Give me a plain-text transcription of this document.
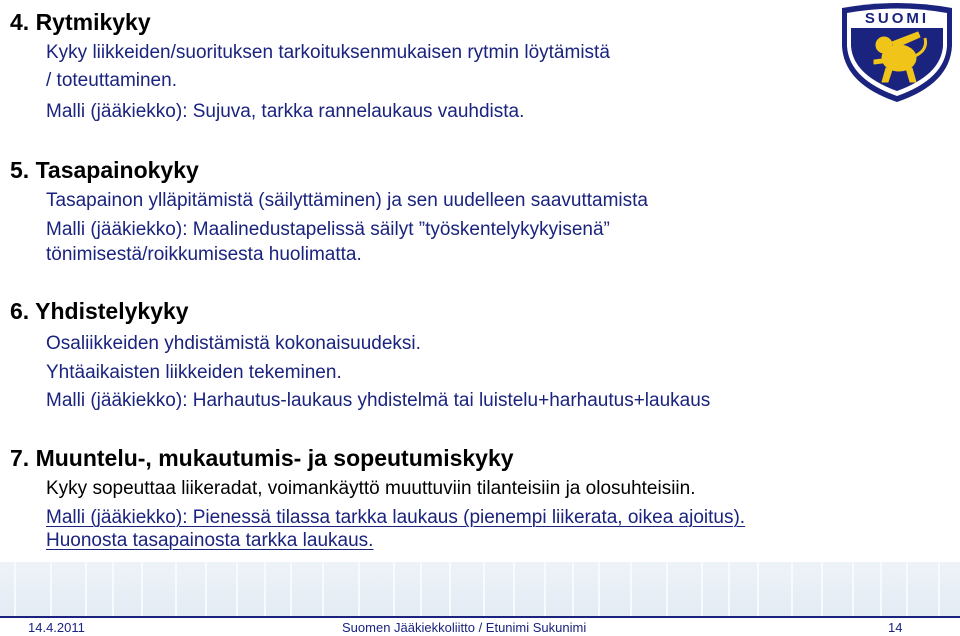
4. Rytmikyky

Kyky liikkeiden/suorituksen tarkoituksenmukaisen rytmin löytämistä

/ toteuttaminen.

Malli (jääkiekko): Sujuva, tarkka rannelaukaus vauhdista.

5. Tasapainokyky

Tasapainon ylläpitämistä (säilyttäminen) ja sen uudelleen saavuttamista

Malli (jääkiekko): Maalinedustapelissä säilyt ”työskentelykykyisenä”

tönimisestä/roikkumisesta huolimatta.

6. Yhdistelykyky

Osaliikkeiden yhdistämistä kokonaisuudeksi.

Yhtäaikaisten liikkeiden tekeminen.

Malli (jääkiekko): Harhautus-laukaus yhdistelmä tai luistelu+harhautus+laukaus

7. Muuntelu-, mukautumis- ja sopeutumiskyky

Kyky sopeuttaa liikeradat, voimankäyttö muuttuviin tilanteisiin ja olosuhteisiin.

Malli (jääkiekko): Pienessä tilassa tarkka laukaus (pienempi liikerata, oikea ajoitus).

Huonosta tasapainosta tarkka laukaus.

SUOMI

14.4.2011	Suomen Jääkiekkoliitto / Etunimi Sukunimi	14
